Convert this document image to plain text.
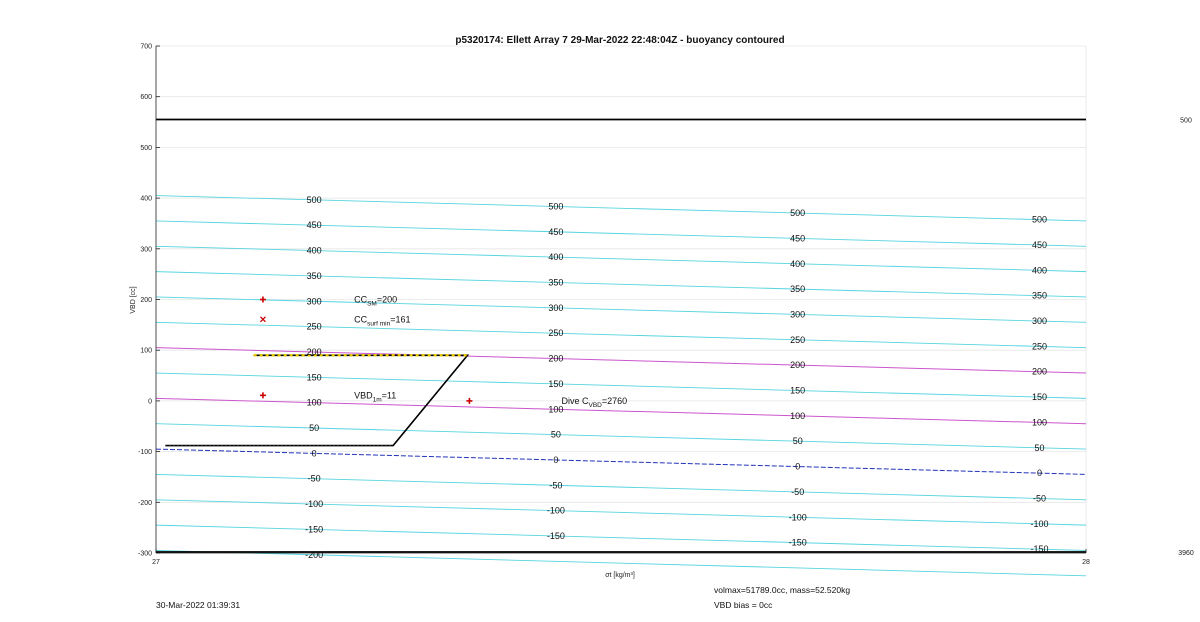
p5320174: Ellett Array 7 29-Mar-2022 22:48:04Z - buoyancy contoured
500
450
400
350
300
250
200
150
100
50
0
-50
-100
-150
-200
500
450
400
350
300
250
200
150
100
50
0
-50
-100
-150
500
450
400
350
300
250
200
150
100
50
0
-50
-100
-150
500
450
400
350
300
250
200
150
100
50
0
-50
-100
-150
$CC_{SM}=200$
$CC_{surf min}=161$
$VBD_{1m}=11$
Dive $C_{VBD}=2760$
-300
-200
-100
0
100
200
300
400
500
600
700
27	28
500
3960
σt [kg/m³]
VBD [cc]
30-Mar-2022 01:39:31
volmax=51789.0cc, mass=52.520kg
VBD bias = 0cc
